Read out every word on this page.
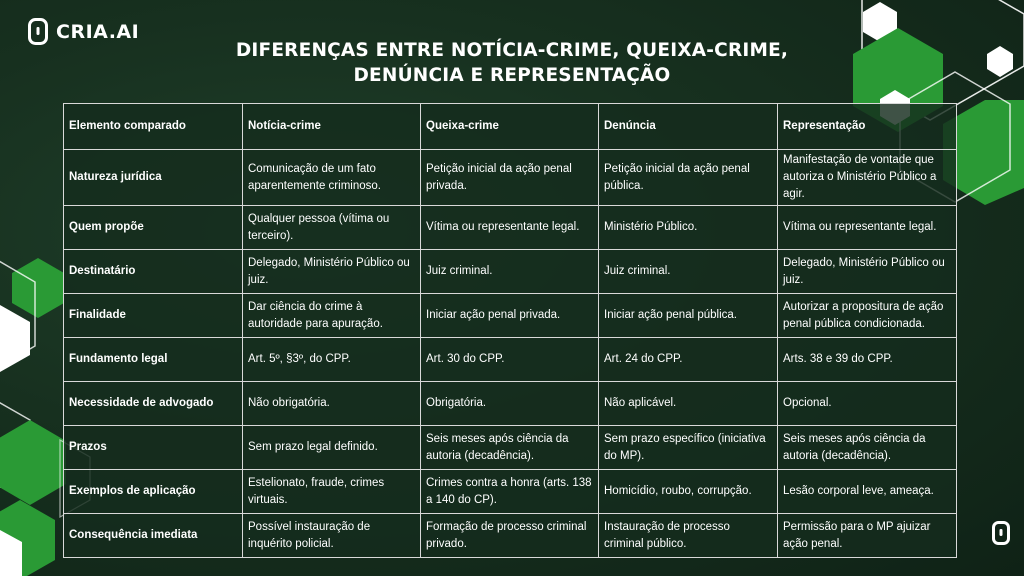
CRIA.AI
DIFERENÇAS ENTRE NOTÍCIA-CRIME, QUEIXA-CRIME,
DENÚNCIA E REPRESENTAÇÃO
Elemento comparado	Notícia-crime	Queixa-crime	Denúncia	Representação
Natureza jurídica	Comunicação de um fato aparentemente criminoso.	Petição inicial da ação penal privada.	Petição inicial da ação penal pública.	Manifestação de vontade que autoriza o Ministério Público a agir.
Quem propõe	Qualquer pessoa (vítima ou terceiro).	Vítima ou representante legal.	Ministério Público.	Vítima ou representante legal.
Destinatário	Delegado, Ministério Público ou juiz.	Juiz criminal.	Juiz criminal.	Delegado, Ministério Público ou juiz.
Finalidade	Dar ciência do crime à autoridade para apuração.	Iniciar ação penal privada.	Iniciar ação penal pública.	Autorizar a propositura de ação penal pública condicionada.
Fundamento legal	Art. 5º, §3º, do CPP.	Art. 30 do CPP.	Art. 24 do CPP.	Arts. 38 e 39 do CPP.
Necessidade de advogado	Não obrigatória.	Obrigatória.	Não aplicável.	Opcional.
Prazos	Sem prazo legal definido.	Seis meses após ciência da autoria (decadência).	Sem prazo específico (iniciativa do MP).	Seis meses após ciência da autoria (decadência).
Exemplos de aplicação	Estelionato, fraude, crimes virtuais.	Crimes contra a honra (arts. 138 a 140 do CP).	Homicídio, roubo, corrupção.	Lesão corporal leve, ameaça.
Consequência imediata	Possível instauração de inquérito policial.	Formação de processo criminal privado.	Instauração de processo criminal público.	Permissão para o MP ajuizar ação penal.
